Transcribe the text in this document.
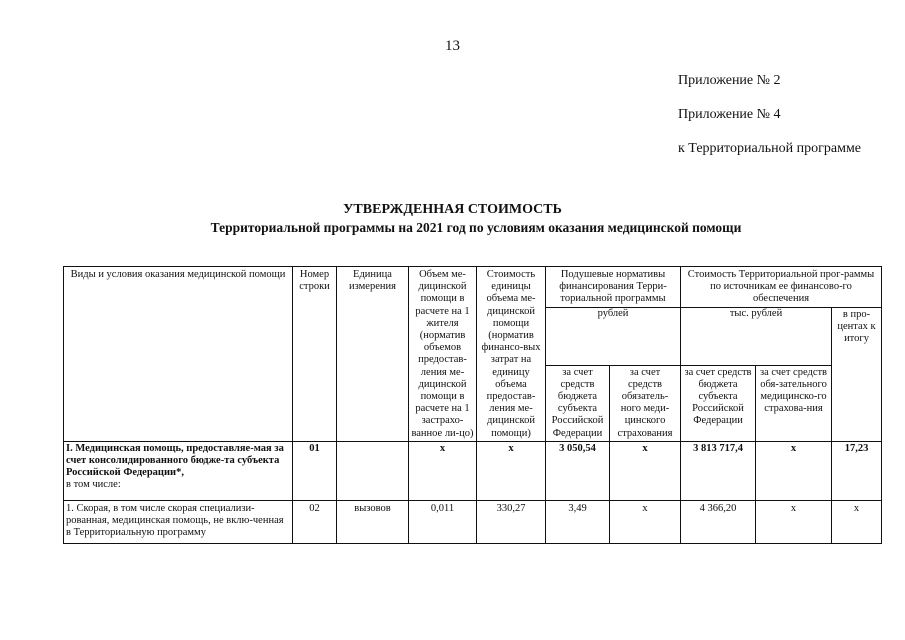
13
Приложение № 2
Приложение № 4
к Территориальной программе
УТВЕРЖДЕННАЯ СТОИМОСТЬ
Территориальной программы на 2021 год по условиям оказания медицинской помощи
Виды и условия оказания медицинской помощи	Номер строки	Единица измерения	Объем ме-дицинской помощи в расчете на 1 жителя (норматив объемов предостав-ления ме-дицинской помощи в расчете на 1 застрахо-ванное ли-цо)	Стоимость единицы объема ме-дицинской помощи (норматив финансо-вых затрат на единицу объема предостав-ления ме-дицинской помощи)	Подушевые нормативы финансирования Терри-ториальной программы		Стоимость Территориальной прог-раммы по источникам ее финансово-го обеспечения		
					рублей		тыс. рублей		в про-центах к итогу
					за счет средств бюджета субъекта Российской Федерации	за счет средств обязатель-ного меди-цинского страхования	за счет средств бюджета субъекта Российской Федерации	за счет средств обя-зательного медицинско-го страхова-ния	
I. Медицинская помощь, предоставляе-мая за счет консолидированного бюдже-та субъекта Российской Федерации*,
в том числе:	01		х	х	3 050,54	х	3 813 717,4	х	17,23
1. Скорая, в том числе скорая специализи-рованная, медицинская помощь, не вклю-ченная в Территориальную программу	02	вызовов	0,011	330,27	3,49	х	4 366,20	х	х
